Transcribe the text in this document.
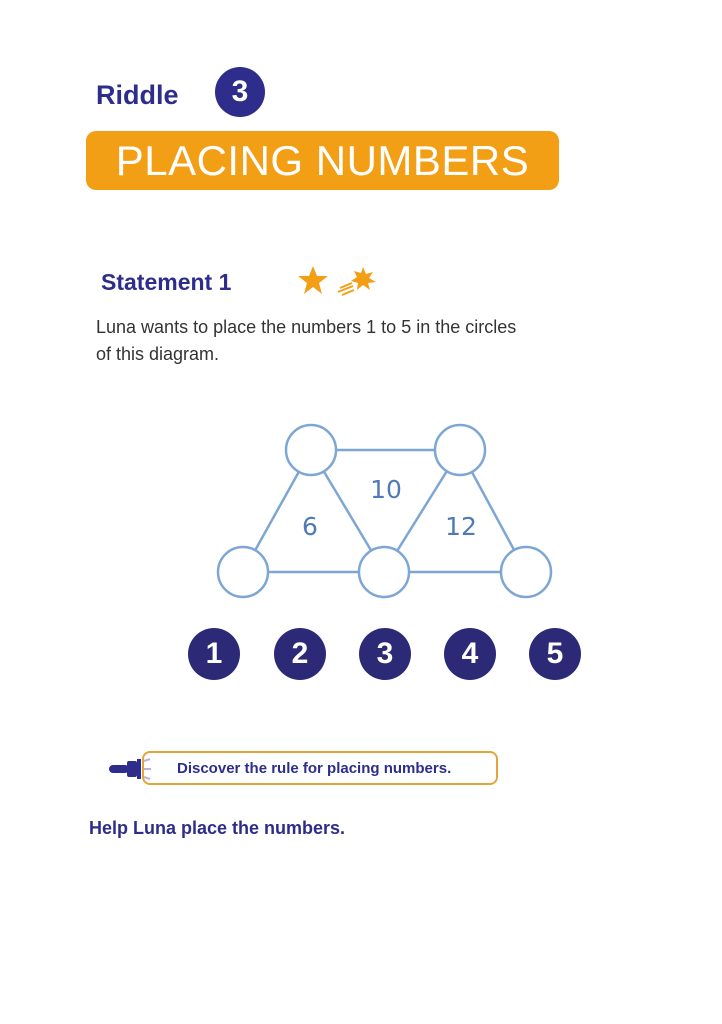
Riddle	3
PLACING NUMBERS
Statement 1
Luna wants to place the numbers 1 to 5 in the circles
of this diagram.
6
10
12
1	2	3	4	5
Discover the rule for placing numbers.
Help Luna place the numbers.
